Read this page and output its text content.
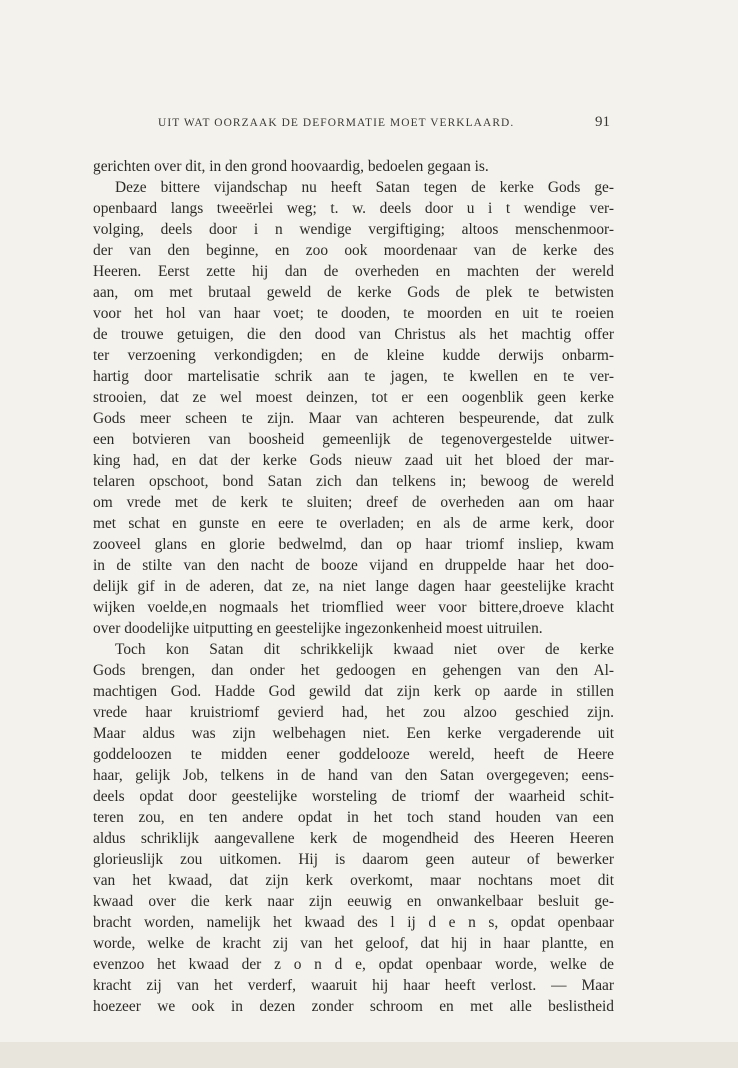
UIT WAT OORZAAK DE DEFORMATIE MOET VERKLAARD.	91
gerichten over dit, in den grond hoovaardig, bedoelen gegaan is.
Deze bittere vijandschap nu heeft Satan tegen de kerke Gods ge-
openbaard langs tweeërlei weg; t. w. deels door u i t wendige ver-
volging, deels door i n wendige vergiftiging; altoos menschenmoor-
der van den beginne, en zoo ook moordenaar van de kerke des
Heeren. Eerst zette hij dan de overheden en machten der wereld
aan, om met brutaal geweld de kerke Gods de plek te betwisten
voor het hol van haar voet; te dooden, te moorden en uit te roeien
de trouwe getuigen, die den dood van Christus als het machtig offer
ter verzoening verkondigden; en de kleine kudde derwijs onbarm-
hartig door martelisatie schrik aan te jagen, te kwellen en te ver-
strooien, dat ze wel moest deinzen, tot er een oogenblik geen kerke
Gods meer scheen te zijn. Maar van achteren bespeurende, dat zulk
een botvieren van boosheid gemeenlijk de tegenovergestelde uitwer-
king had, en dat der kerke Gods nieuw zaad uit het bloed der mar-
telaren opschoot, bond Satan zich dan telkens in; bewoog de wereld
om vrede met de kerk te sluiten; dreef de overheden aan om haar
met schat en gunste en eere te overladen; en als de arme kerk, door
zooveel glans en glorie bedwelmd, dan op haar triomf insliep, kwam
in de stilte van den nacht de booze vijand en druppelde haar het doo-
delijk gif in de aderen, dat ze, na niet lange dagen haar geestelijke kracht
wijken voelde,en nogmaals het triomflied weer voor bittere,droeve klacht
over doodelijke uitputting en geestelijke ingezonkenheid moest uitruilen.
Toch kon Satan dit schrikkelijk kwaad niet over de kerke
Gods brengen, dan onder het gedoogen en gehengen van den Al-
machtigen God. Hadde God gewild dat zijn kerk op aarde in stillen
vrede haar kruistriomf gevierd had, het zou alzoo geschied zijn.
Maar aldus was zijn welbehagen niet. Een kerke vergaderende uit
goddeloozen te midden eener goddelooze wereld, heeft de Heere
haar, gelijk Job, telkens in de hand van den Satan overgegeven; eens-
deels opdat door geestelijke worsteling de triomf der waarheid schit-
teren zou, en ten andere opdat in het toch stand houden van een
aldus schriklijk aangevallene kerk de mogendheid des Heeren Heeren
glorieuslijk zou uitkomen. Hij is daarom geen auteur of bewerker
van het kwaad, dat zijn kerk overkomt, maar nochtans moet dit
kwaad over die kerk naar zijn eeuwig en onwankelbaar besluit ge-
bracht worden, namelijk het kwaad des l ij d e n s, opdat openbaar
worde, welke de kracht zij van het geloof, dat hij in haar plantte, en
evenzoo het kwaad der z o n d e, opdat openbaar worde, welke de
kracht zij van het verderf, waaruit hij haar heeft verlost. — Maar
hoezeer we ook in dezen zonder schroom en met alle beslistheid
